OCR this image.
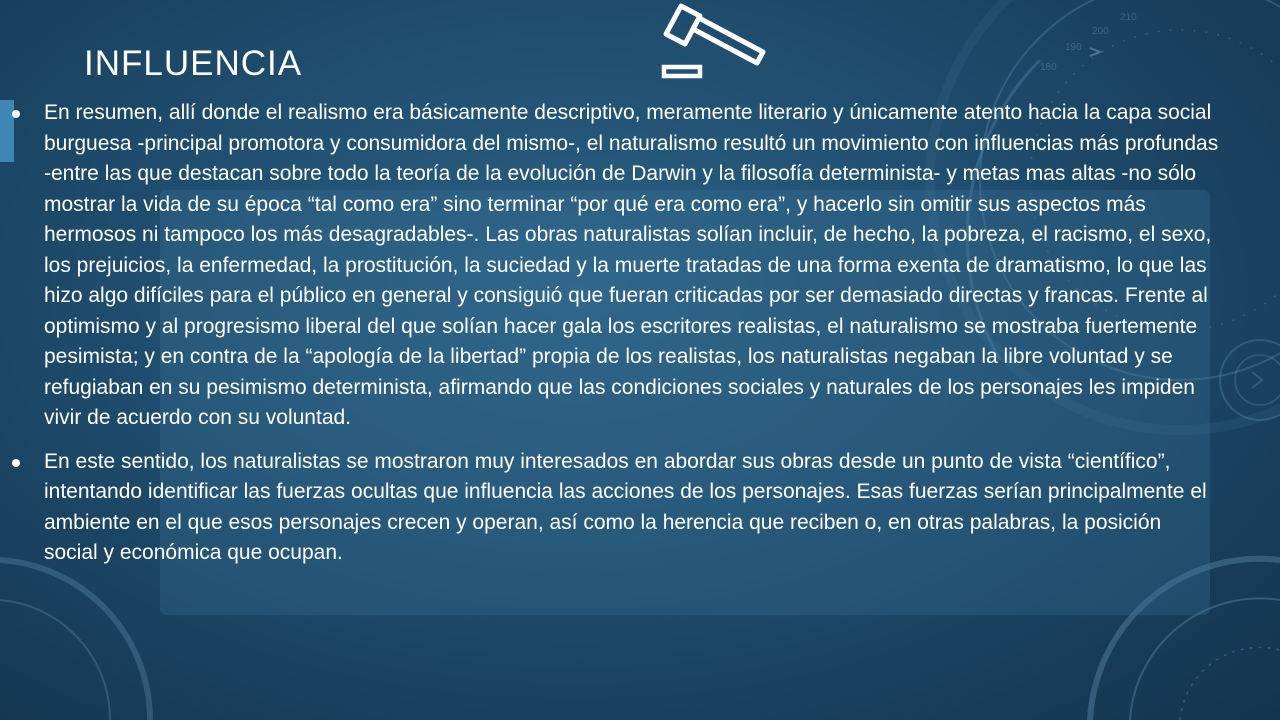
180
190
200
210
INFLUENCIA
En resumen, allí donde el realismo era básicamente descriptivo, meramente literario y únicamente atento hacia la capa social burguesa -principal promotora y consumidora del mismo-, el naturalismo resultó un movimiento con influencias más profundas -entre las que destacan sobre todo la teoría de la evolución de Darwin y la filosofía determinista- y metas mas altas -no sólo mostrar la vida de su época “tal como era” sino terminar “por qué era como era”, y hacerlo sin omitir sus aspectos más hermosos ni tampoco los más desagradables-. Las obras naturalistas solían incluir, de hecho, la pobreza, el racismo, el sexo, los prejuicios, la enfermedad, la prostitución, la suciedad y la muerte tratadas de una forma exenta de dramatismo, lo que las hizo algo difíciles para el público en general y consiguió que fueran criticadas por ser demasiado directas y francas. Frente al optimismo y al progresismo liberal del que solían hacer gala los escritores realistas, el naturalismo se mostraba fuertemente pesimista; y en contra de la “apología de la libertad” propia de los realistas, los naturalistas negaban la libre voluntad y se refugiaban en su pesimismo determinista, afirmando que las condiciones sociales y naturales de los personajes les impiden vivir de acuerdo con su voluntad.
En este sentido, los naturalistas se mostraron muy interesados en abordar sus obras desde un punto de vista “científico”, intentando identificar las fuerzas ocultas que influencia las acciones de los personajes. Esas fuerzas serían principalmente el ambiente en el que esos personajes crecen y operan, así como la herencia que reciben o, en otras palabras, la posición social y económica que ocupan.
